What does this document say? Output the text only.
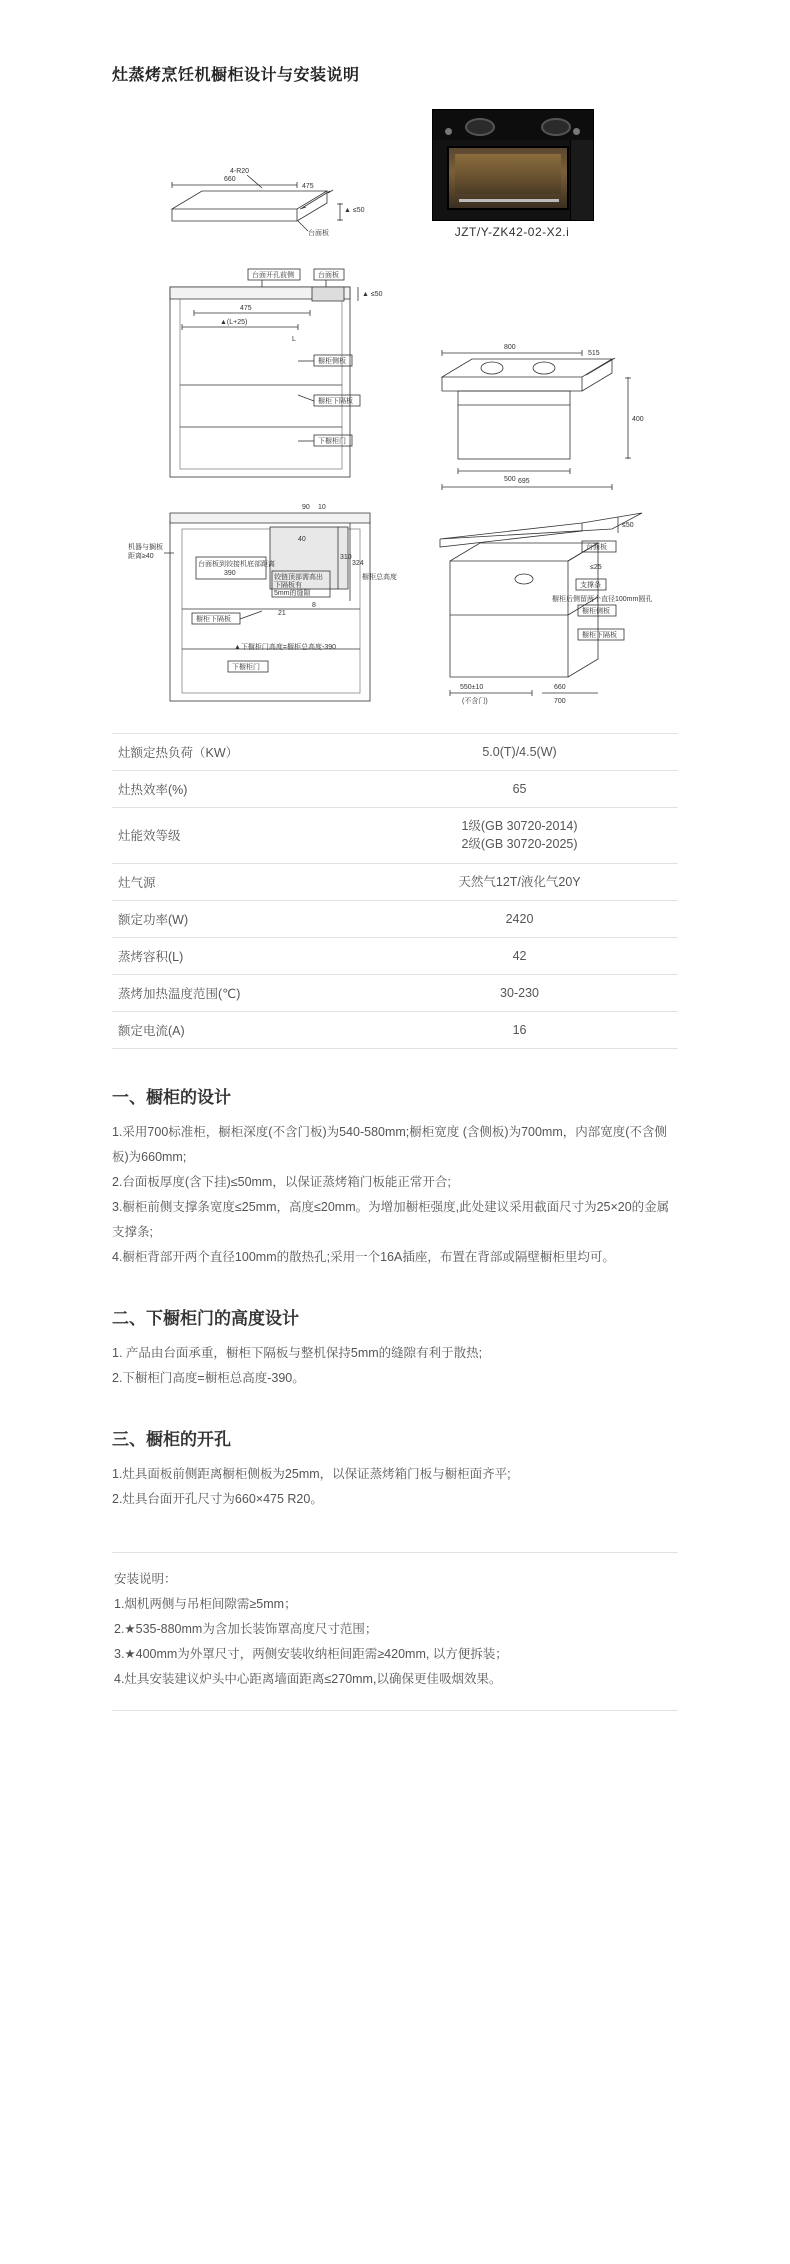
灶蒸烤烹饪机橱柜设计与安装说明
JZT/Y-ZK42-02-X2.i
660
4-R20
475
▲ ≤50
台面板
台面开孔前侧	台面板
▲ ≤50
475
▲(L+25)
L
橱柜侧板
橱柜下隔板
下橱柜门
800
515
400
500 695
机器与搁板
距离≥40
台面板到铰接机底部距离
390
铰链顶部需高出
下隔板有
5mm的缝隙
310
324
90 10
40
21
8
橱柜总高度
橱柜下隔板
▲下橱柜门高度=橱柜总高度-390
下橱柜门
≤50
台面板
≤25
支撑条
橱柜后侧留两个直径100mm圆孔
橱柜侧板
橱柜下隔板
550±10
(不含门)
660
700
灶额定热负荷（KW）	5.0(T)/4.5(W)

灶热效率(%)	65

灶能效等级	1级(GB 30720-2014)
2级(GB 30720-2025)

灶气源	天然气12T/液化气20Y

额定功率(W)	2420

蒸烤容积(L)	42

蒸烤加热温度范围(℃)	30-230

额定电流(A)	16
一、橱柜的设计
1.采用700标准柜，橱柜深度(不含门板)为540-580mm;橱柜宽度 (含侧板)为700mm，内部宽度(不含侧板)为660mm;
2.台面板厚度(含下挂)≤50mm，以保证蒸烤箱门板能正常开合;
3.橱柜前侧支撑条宽度≤25mm，高度≤20mm。为增加橱柜强度,此处建议采用截面尺寸为25×20的金属支撑条;
4.橱柜背部开两个直径100mm的散热孔;采用一个16A插座，布置在背部或隔壁橱柜里均可。
二、下橱柜门的高度设计
1. 产品由台面承重，橱柜下隔板与整机保持5mm的缝隙有利于散热;
2.下橱柜门高度=橱柜总高度-390。
三、橱柜的开孔
1.灶具面板前侧距离橱柜侧板为25mm，以保证蒸烤箱门板与橱柜面齐平;
2.灶具台面开孔尺寸为660×475 R20。
安装说明：
1.烟机两侧与吊柜间隙需≥5mm；
2.★535-880mm为含加长装饰罩高度尺寸范围；
3.★400mm为外罩尺寸，两侧安装收纳柜间距需≥420mm, 以方便拆装；
4.灶具安装建议炉头中心距离墙面距离≤270mm,以确保更佳吸烟效果。
